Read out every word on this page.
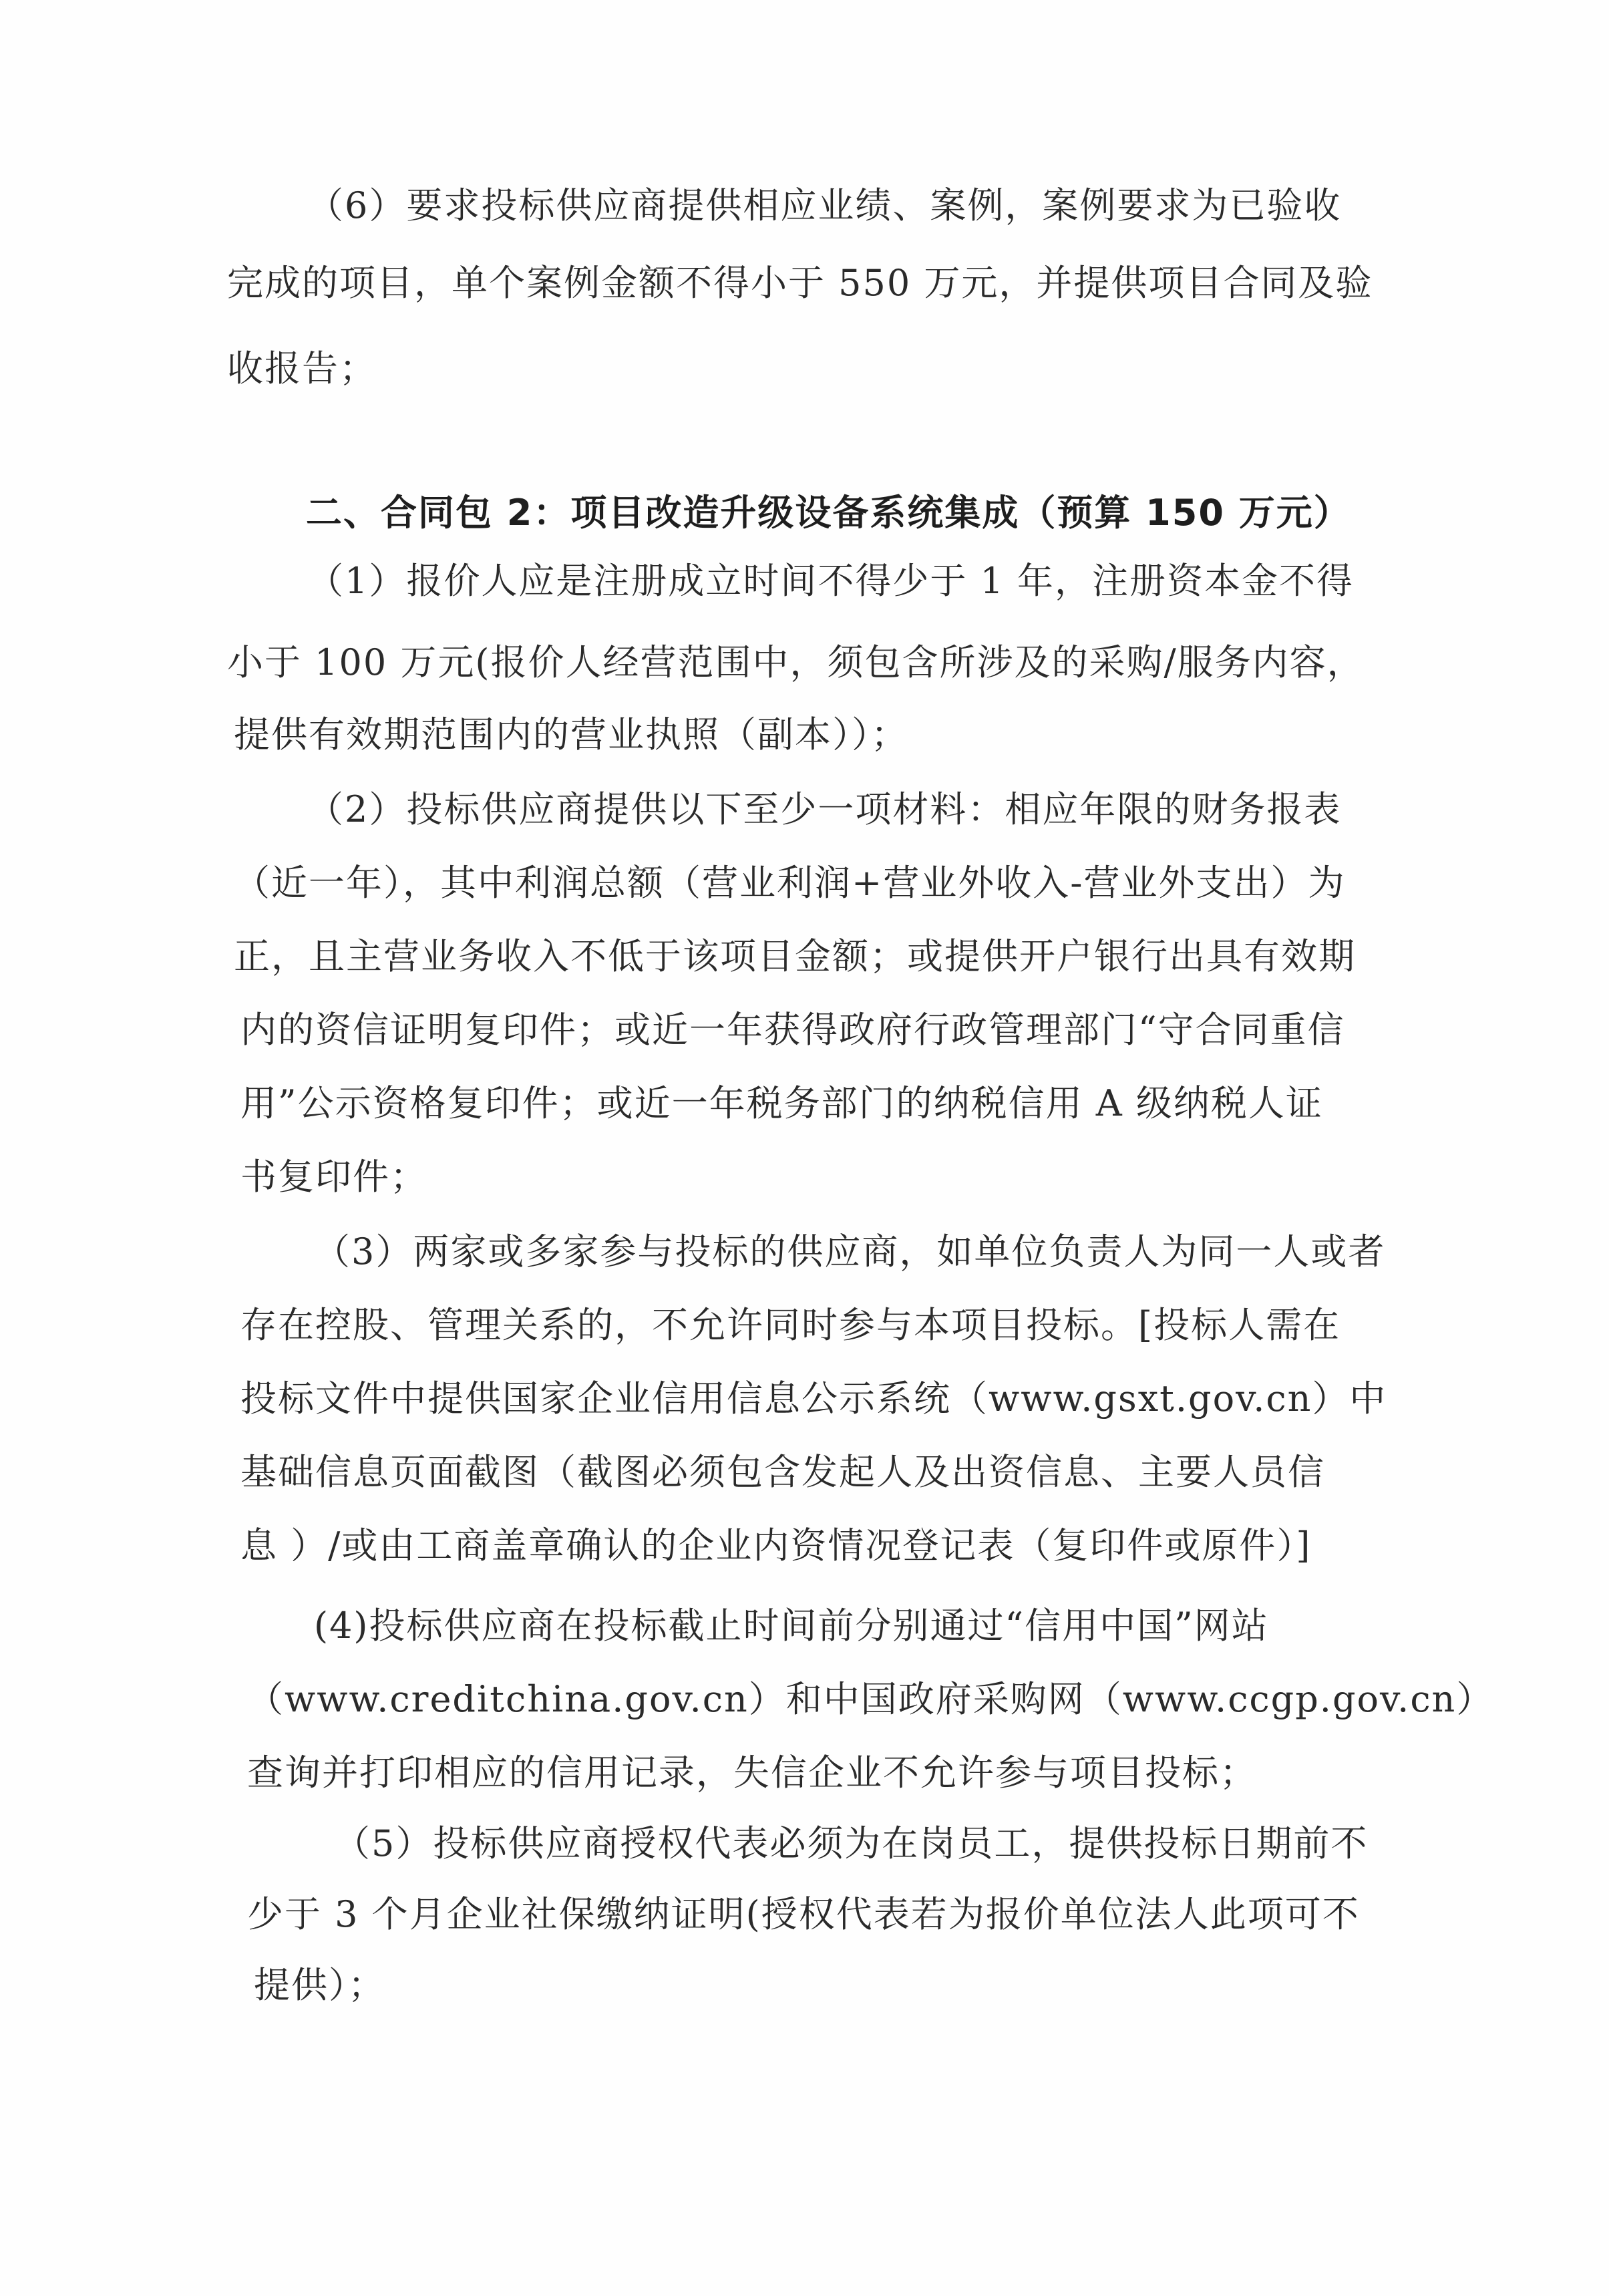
（6）要求投标供应商提供相应业绩、案例，案例要求为已验收
完成的项目，单个案例金额不得小于 550 万元，并提供项目合同及验
收报告；
二、合同包 2：项目改造升级设备系统集成（预算 150 万元）
（1）报价人应是注册成立时间不得少于 1 年，注册资本金不得
小于 100 万元(报价人经营范围中，须包含所涉及的采购/服务内容，
提供有效期范围内的营业执照（副本））；
（2）投标供应商提供以下至少一项材料：相应年限的财务报表
（近一年），其中利润总额（营业利润+营业外收入-营业外支出）为
正，且主营业务收入不低于该项目金额；或提供开户银行出具有效期
内的资信证明复印件；或近一年获得政府行政管理部门“守合同重信
用”公示资格复印件；或近一年税务部门的纳税信用 A 级纳税人证
书复印件；
（3）两家或多家参与投标的供应商，如单位负责人为同一人或者
存在控股、管理关系的，不允许同时参与本项目投标。[投标人需在
投标文件中提供国家企业信用信息公示系统（www.gsxt.gov.cn）中
基础信息页面截图（截图必须包含发起人及出资信息、主要人员信
息 ）/或由工商盖章确认的企业内资情况登记表（复印件或原件）]
(4)投标供应商在投标截止时间前分别通过“信用中国”网站
（www.creditchina.gov.cn）和中国政府采购网（www.ccgp.gov.cn）
查询并打印相应的信用记录，失信企业不允许参与项目投标；
（5）投标供应商授权代表必须为在岗员工，提供投标日期前不
少于 3 个月企业社保缴纳证明(授权代表若为报价单位法人此项可不
提供）；
